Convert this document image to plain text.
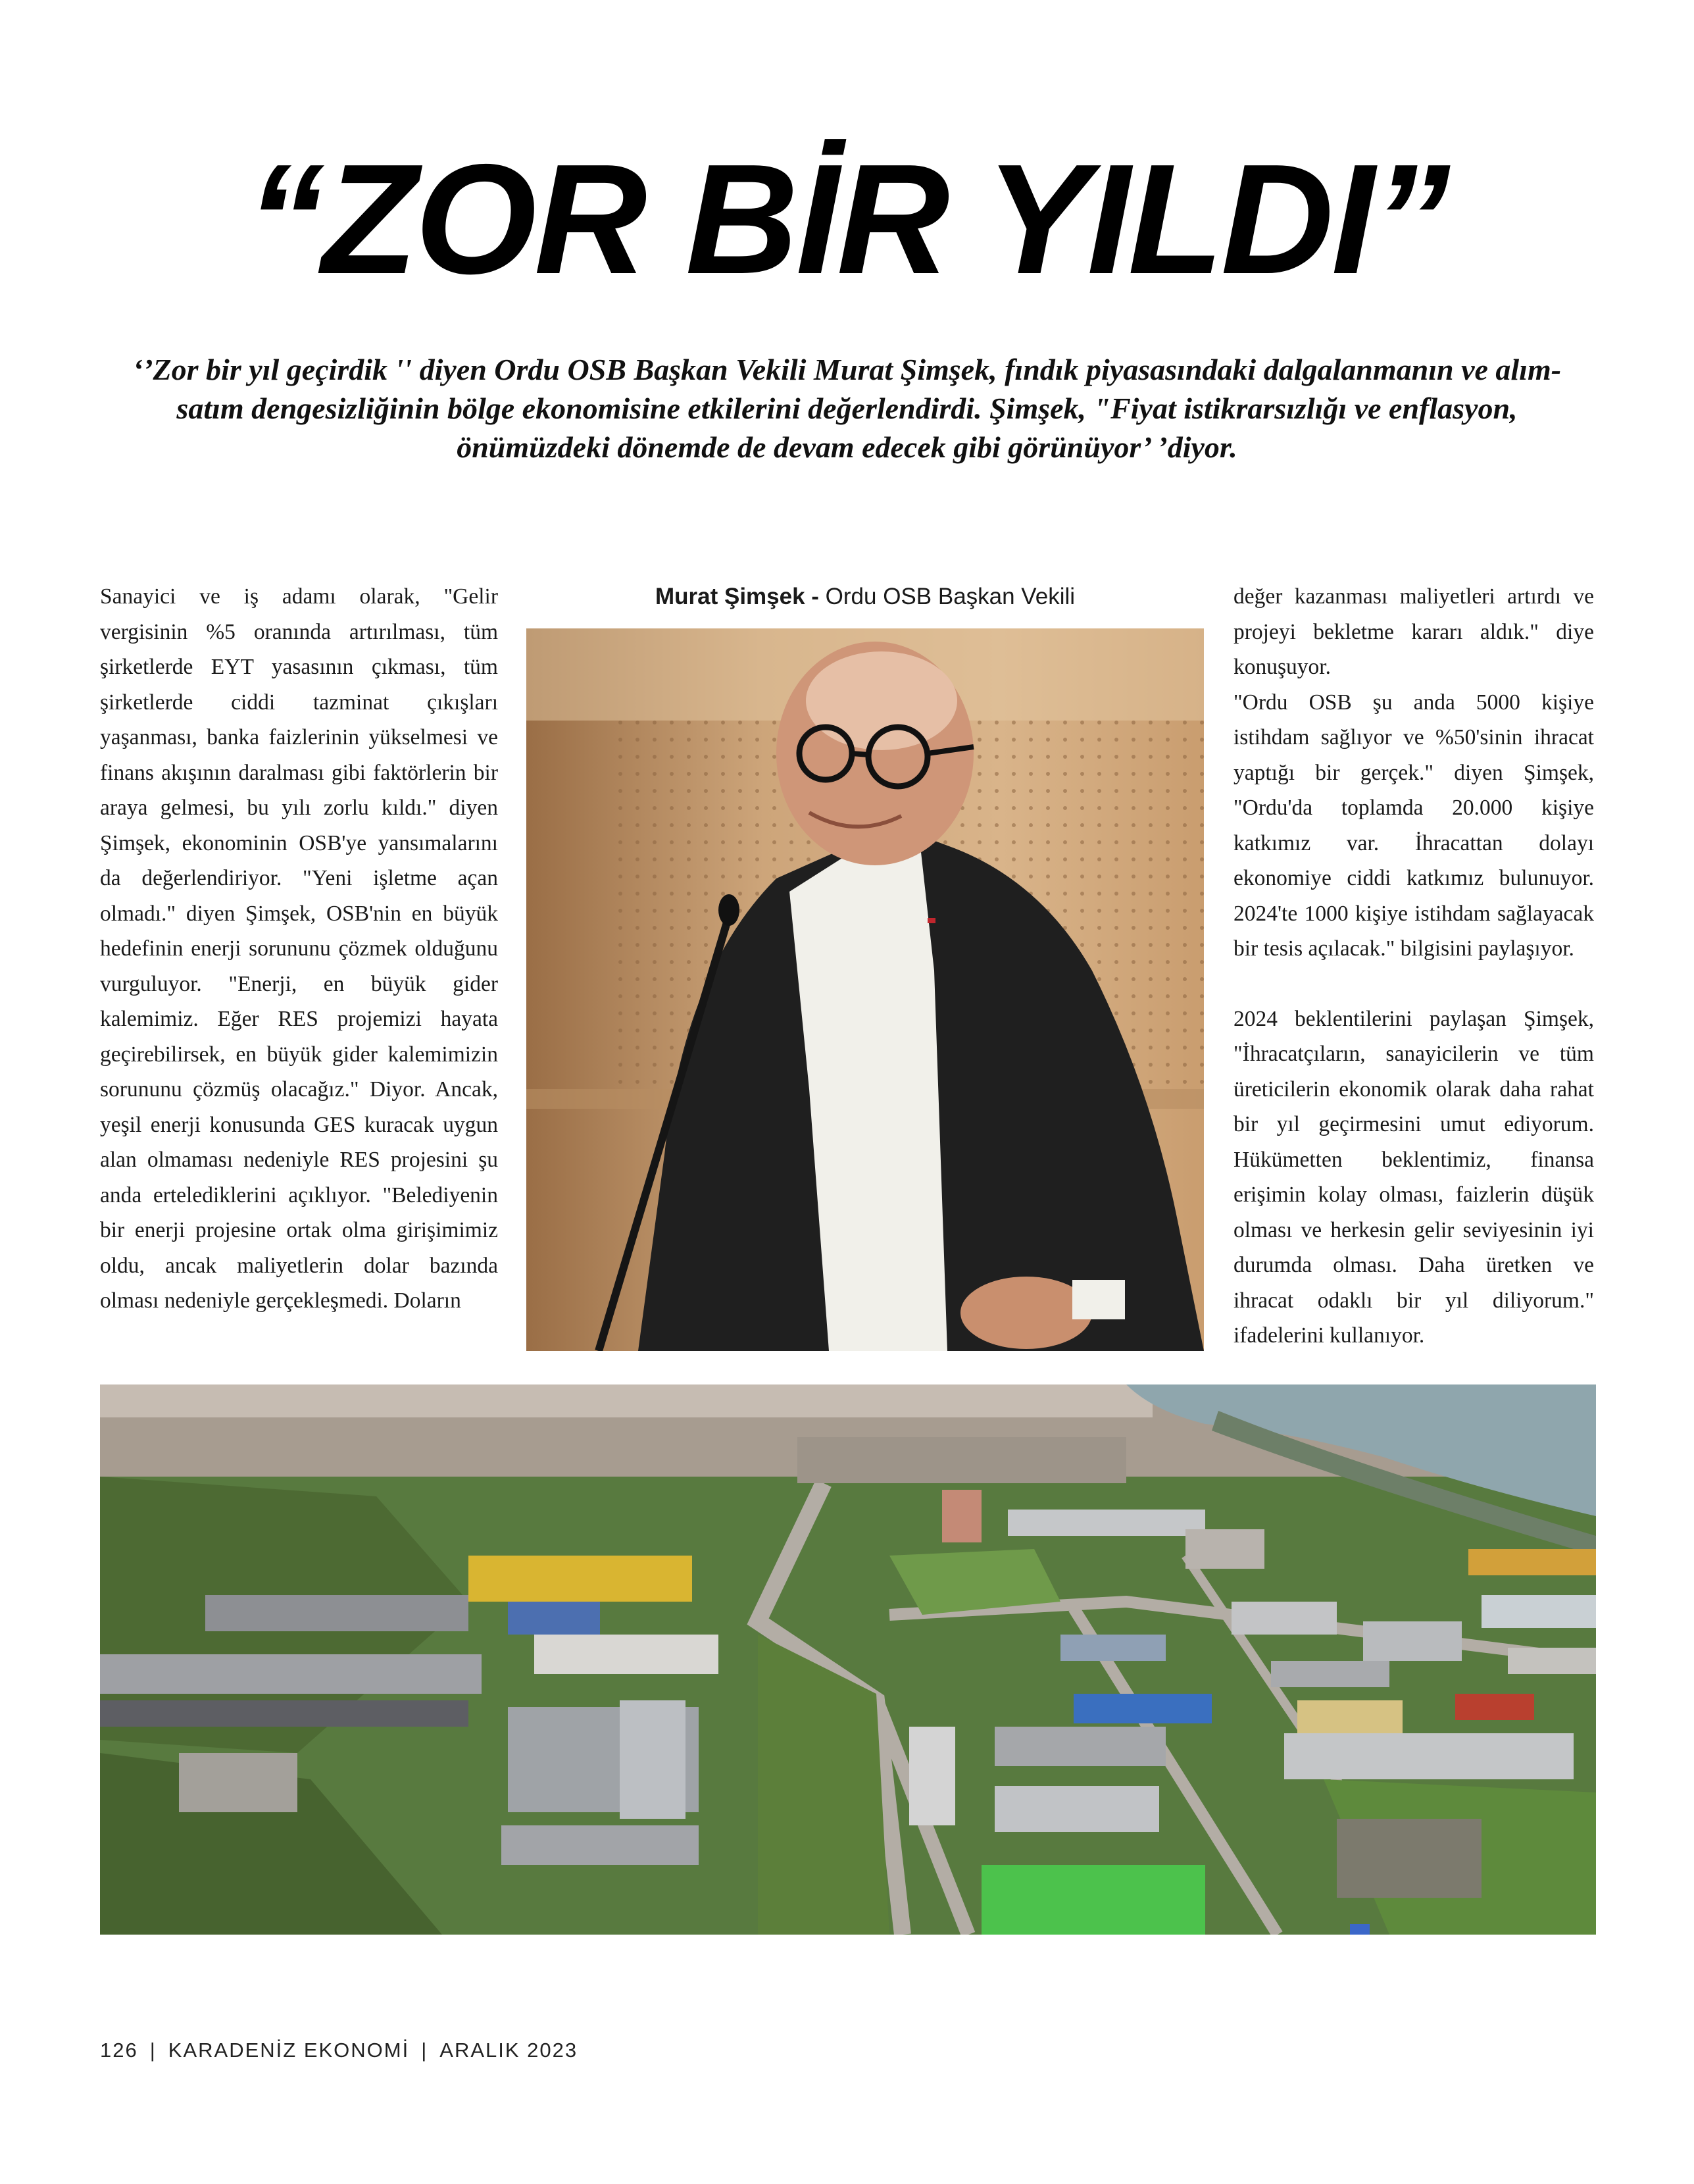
“ZOR BİR YILDI”

‘’Zor bir yıl geçirdik '' diyen Ordu OSB Başkan Vekili Murat Şimşek, fındık piyasasındaki dalgalanmanın ve alım-satım dengesizliğinin bölge ekonomisine etkilerini değerlendirdi. Şimşek, "Fiyat istikrarsızlığı ve enflasyon, önümüzdeki dönemde de devam edecek gibi görünüyor’ ’diyor.

Sanayici ve iş adamı olarak, "Gelir vergisinin %5 oranında artırılması, tüm şirketlerde EYT yasasının çıkması, tüm şirketlerde ciddi tazminat çıkışları yaşanması, banka faizlerinin yükselmesi ve finans akışının daralması gibi faktörlerin bir araya gelmesi, bu yılı zorlu kıldı." diyen Şimşek, ekonominin OSB'ye yansımalarını da değerlendiriyor. "Yeni işletme açan olmadı." diyen Şimşek, OSB'nin en büyük hedefinin enerji sorununu çözmek olduğunu vurguluyor. "Enerji, en büyük gider kalemimiz. Eğer RES projemizi hayata geçirebilirsek, en büyük gider kalemimizin sorununu çözmüş olacağız." Diyor. Ancak, yeşil enerji konusunda GES kuracak uygun alan olmaması nedeniyle RES projesini şu anda ertelediklerini açıklıyor. "Belediyenin bir enerji projesine ortak olma girişimimiz oldu, ancak maliyetlerin dolar bazında olması nedeniyle gerçekleşmedi. Doların

Murat Şimşek - Ordu OSB Başkan Vekili	değer kazanması maliyetleri artırdı ve projeyi bekletme kararı aldık." diye konuşuyor.

"Ordu OSB şu anda 5000 kişiye istihdam sağlıyor ve %50'sinin ihracat yaptığı bir gerçek." diyen Şimşek, "Ordu'da toplamda 20.000 kişiye katkımız var. İhracattan dolayı ekonomiye ciddi katkımız bulunuyor. 2024'te 1000 kişiye istihdam sağlayacak bir tesis açılacak." bilgisini paylaşıyor.

2024 beklentilerini paylaşan Şimşek, "İhracatçıların, sanayicilerin ve tüm üreticilerin ekonomik olarak daha rahat bir yıl geçirmesini umut ediyorum. Hükümetten beklentimiz, finansa erişimin kolay olması, faizlerin düşük olması ve herkesin gelir seviyesinin iyi durumda olması. Daha üretken ve ihracat odaklı bir yıl diliyorum." ifadelerini kullanıyor.

126 | KARADENİZ EKONOMİ | ARALIK 2023
